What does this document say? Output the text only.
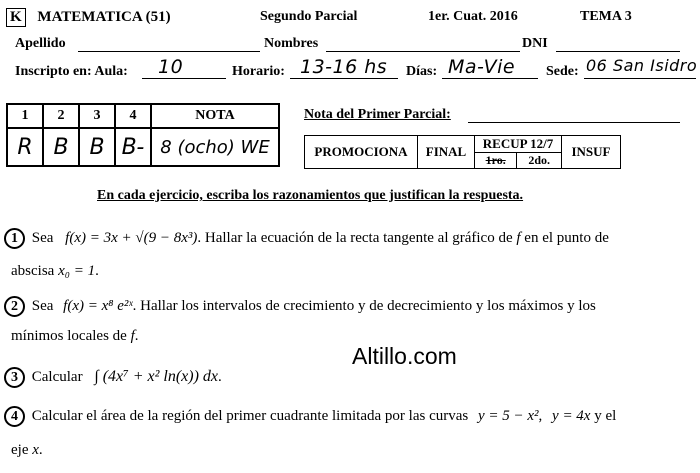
K MATEMATICA (51)	Segundo Parcial	1er. Cuat. 2016	TEMA 3
Apellido	Nombres	DNI
Inscripto en: Aula: 10	Horario: 13-16 hs Días: Ma-Vie Sede: 06 San Isidro
1	2	3	4	NOTA
R	B	B	B-	8 (ocho) WE
Nota del Primer Parcial:
PROMOCIONA	FINAL	RECUP 12/7		INSUF
		1ro.	2do.	
En cada ejercicio, escriba los razonamientos que justifican la respuesta.
1 Sea f(x) = 3x + √(9 − 8x³). Hallar la ecuación de la recta tangente al gráfico de f en el punto de
abscisa x₀ = 1.
2 Sea f(x) = x⁸ e²ˣ. Hallar los intervalos de crecimiento y de decrecimiento y los máximos y los
mínimos locales de f.
Altillo.com
3 Calcular ∫ (4x⁷ + x² ln(x)) dx.
4 Calcular el área de la región del primer cuadrante limitada por las curvas y = 5 − x², y = 4x y el
eje x.
